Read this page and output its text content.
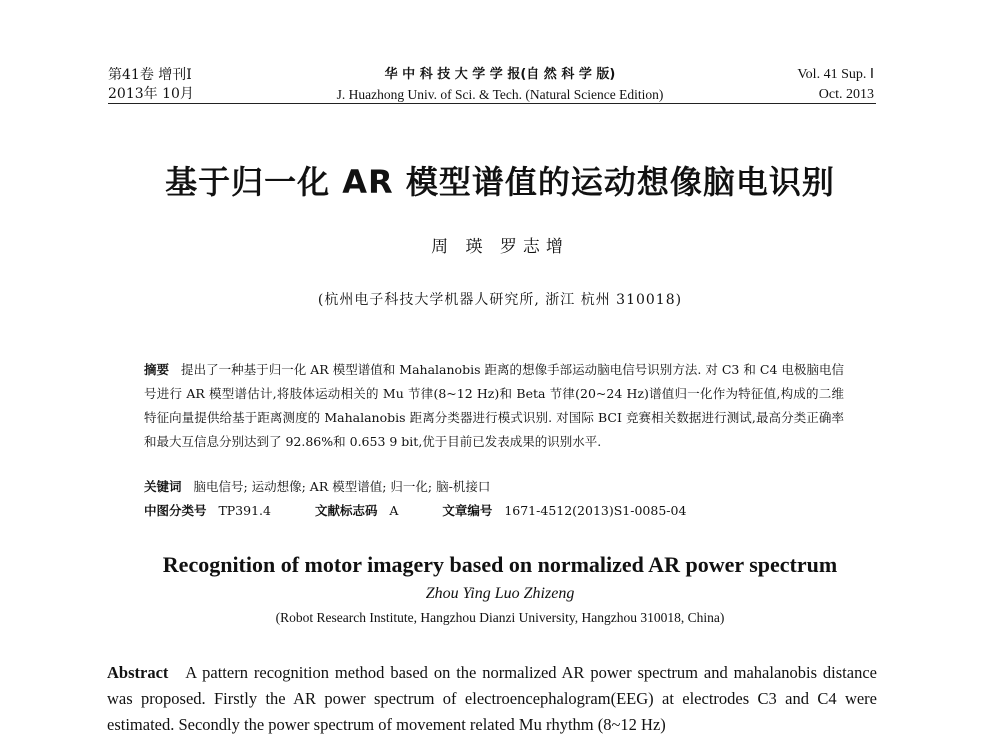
第41卷 增刊Ⅰ
2013年 10月
华 中 科 技 大 学 学 报(自 然 科 学 版)
J. Huazhong Univ. of Sci. & Tech. (Natural Science Edition)
Vol. 41 Sup. Ⅰ
Oct. 2013
基于归一化 AR 模型谱值的运动想像脑电识别
周 瑛 罗志增
(杭州电子科技大学机器人研究所, 浙江 杭州 310018)
摘要 提出了一种基于归一化 AR 模型谱值和 Mahalanobis 距离的想像手部运动脑电信号识别方法. 对 C3 和 C4 电极脑电信号进行 AR 模型谱估计,将肢体运动相关的 Mu 节律(8~12 Hz)和 Beta 节律(20~24 Hz)谱值归一化作为特征值,构成的二维特征向量提供给基于距离测度的 Mahalanobis 距离分类器进行模式识别. 对国际 BCI 竞赛相关数据进行测试,最高分类正确率和最大互信息分别达到了 92.86%和 0.653 9 bit,优于目前已发表成果的识别水平.
关键词 脑电信号; 运动想像; AR 模型谱值; 归一化; 脑-机接口
中图分类号 TP391.4	文献标志码 A	文章编号 1671-4512(2013)S1-0085-04
Recognition of motor imagery based on normalized AR power spectrum
Zhou Ying Luo Zhizeng
(Robot Research Institute, Hangzhou Dianzi University, Hangzhou 310018, China)
Abstract A pattern recognition method based on the normalized AR power spectrum and mahalanobis distance was proposed. Firstly the AR power spectrum of electroencephalogram(EEG) at electrodes C3 and C4 were estimated. Secondly the power spectrum of movement related Mu rhythm (8~12 Hz)
